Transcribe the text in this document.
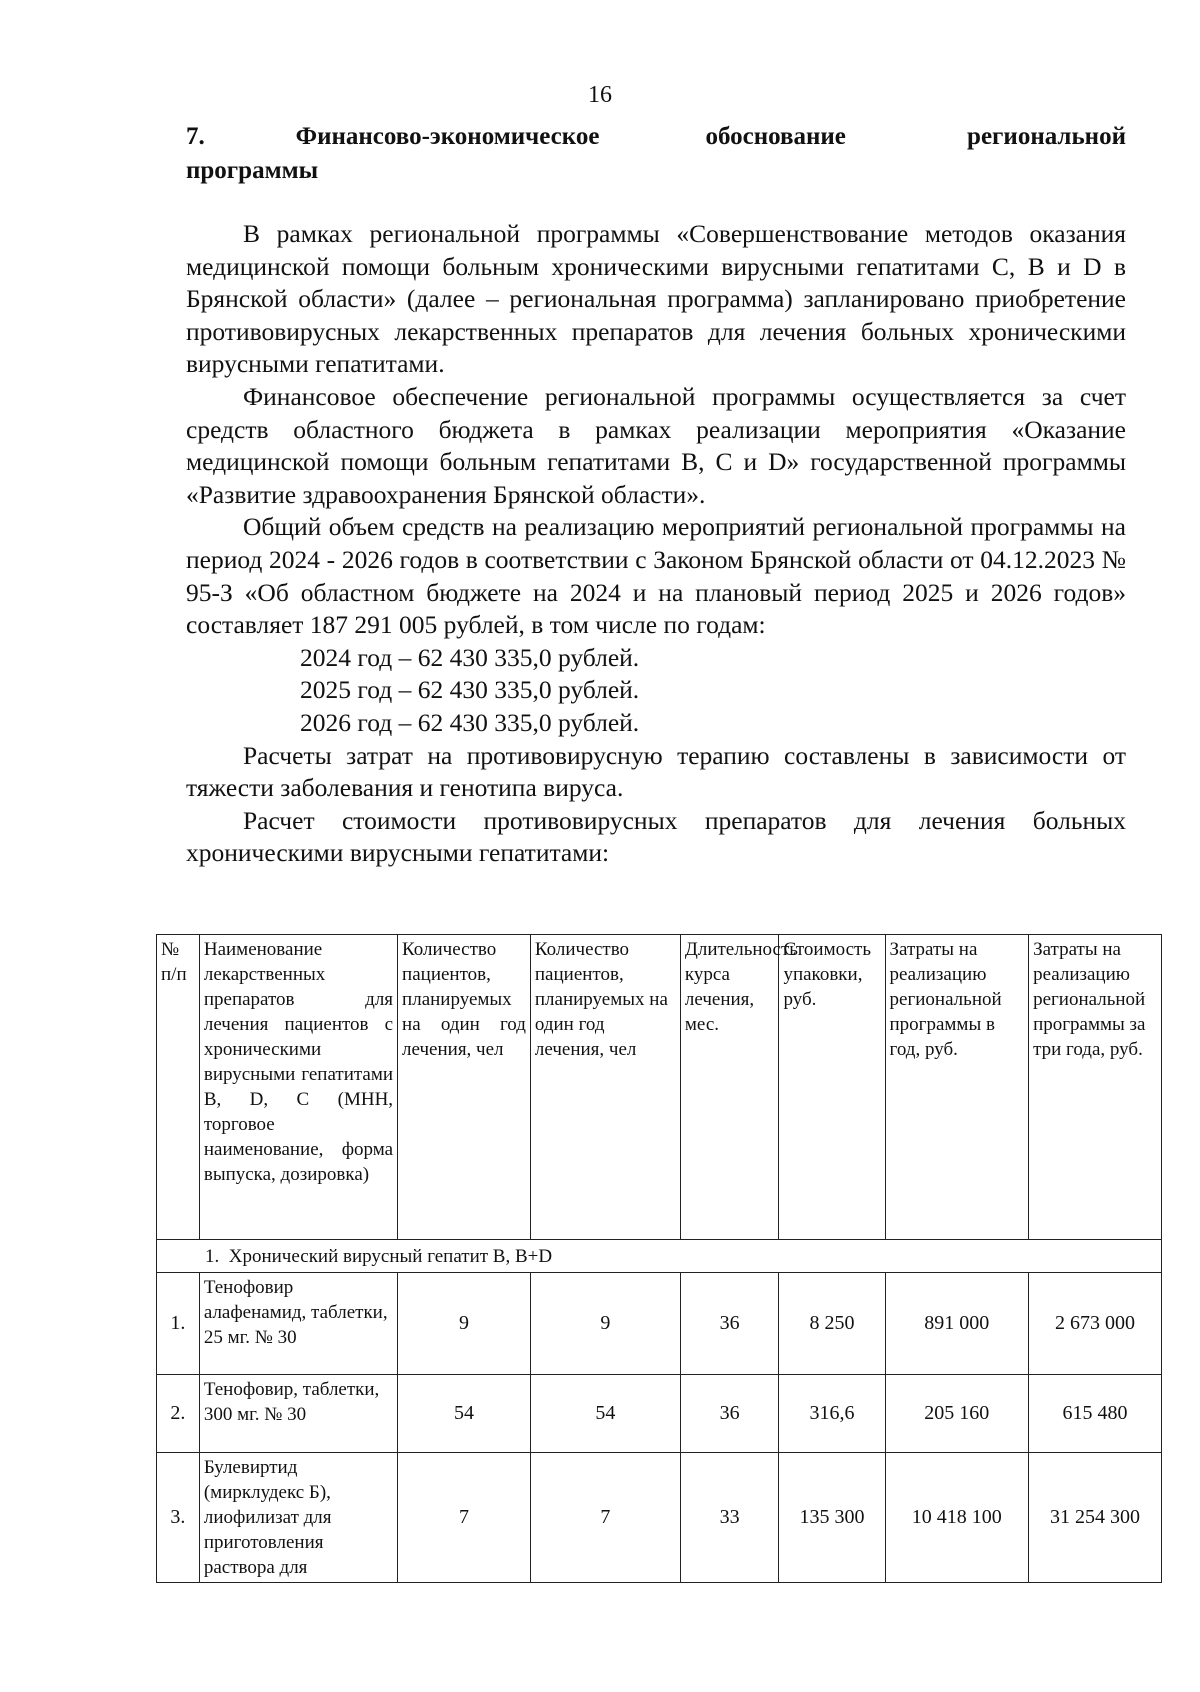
16
7.      Финансово-экономическое       обоснование        региональной
программы

В рамках региональной программы «Совершенствование методов оказания медицинской помощи больным хроническими вирусными гепатитами С, В и D в Брянской области» (далее – региональная программа) запланировано приобретение противовирусных лекарственных препаратов для лечения больных хроническими вирусными гепатитами.

Финансовое обеспечение региональной программы осуществляется за счет средств областного бюджета в рамках реализации мероприятия «Оказание медицинской помощи больным гепатитами В, С и D» государственной программы «Развитие здравоохранения Брянской области».

Общий объем средств на реализацию мероприятий региональной программы на период 2024 - 2026 годов в соответствии с Законом Брянской области от 04.12.2023 № 95-З «Об областном бюджете на 2024 и на плановый период 2025 и 2026 годов» составляет 187 291 005 рублей, в том числе по годам:

2024 год – 62 430 335,0 рублей.

2025 год – 62 430 335,0 рублей.

2026 год – 62 430 335,0 рублей.

Расчеты затрат на противовирусную терапию составлены в зависимости от тяжести заболевания и генотипа вируса.

Расчет стоимости противовирусных препаратов для лечения больных хроническими вирусными гепатитами:

№ п/п	Наименование лекарственных препаратов для лечения пациентов с хроническими вирусными гепатитами В, D, С (МНН, торговое наименование, форма выпуска, дозировка)	Количество пациентов, планируемых на один год лечения, чел	Количество пациентов, планируемых на один год лечения, чел	Длительность курса лечения, мес.	Стоимость упаковки, руб.	Затраты на реализацию региональной программы в год, руб.	Затраты на реализацию региональной программы за три года, руб.
1.  Хронический вирусный гепатит В, В+D							
1.	Тенофовир алафенамид, таблетки, 25 мг. № 30	9	9	36	8 250	891 000	2 673 000
2.	Тенофовир, таблетки, 300 мг. № 30	54	54	36	316,6	205 160	615 480
3.	Булевиртид (мирклудекс Б), лиофилизат для приготовления раствора для	7	7	33	135 300	10 418 100	31 254 300
